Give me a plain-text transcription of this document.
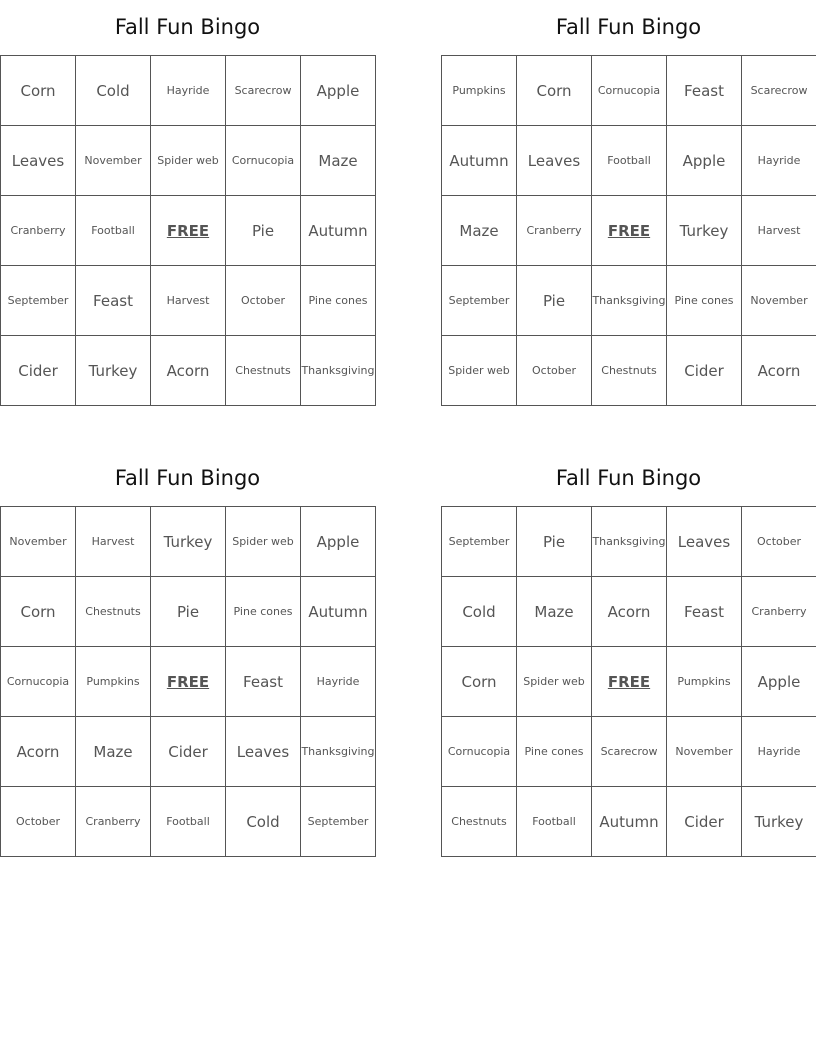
Fall Fun Bingo
Corn	Cold	Hayride	Scarecrow	Apple
Leaves	November	Spider web	Cornucopia	Maze
Cranberry	Football	FREE	Pie	Autumn
September	Feast	Harvest	October	Pine cones
Cider	Turkey	Acorn	Chestnuts	Thanksgiving
Fall Fun Bingo
Pumpkins	Corn	Cornucopia	Feast	Scarecrow
Autumn	Leaves	Football	Apple	Hayride
Maze	Cranberry	FREE	Turkey	Harvest
September	Pie	Thanksgiving	Pine cones	November
Spider web	October	Chestnuts	Cider	Acorn
Fall Fun Bingo
November	Harvest	Turkey	Spider web	Apple
Corn	Chestnuts	Pie	Pine cones	Autumn
Cornucopia	Pumpkins	FREE	Feast	Hayride
Acorn	Maze	Cider	Leaves	Thanksgiving
October	Cranberry	Football	Cold	September
Fall Fun Bingo
September	Pie	Thanksgiving	Leaves	October
Cold	Maze	Acorn	Feast	Cranberry
Corn	Spider web	FREE	Pumpkins	Apple
Cornucopia	Pine cones	Scarecrow	November	Hayride
Chestnuts	Football	Autumn	Cider	Turkey
